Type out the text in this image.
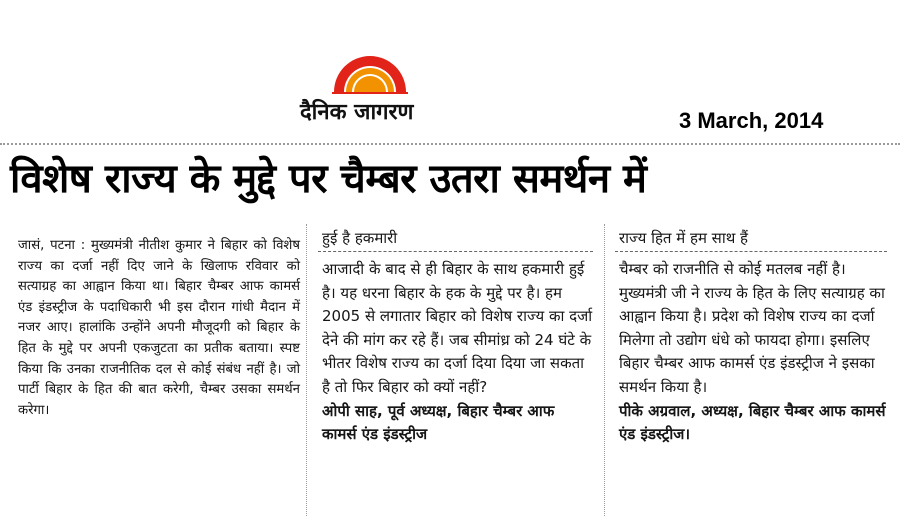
दैनिक जागरण	3 March, 2014
विशेष राज्य के मुद्दे पर चैम्बर उतरा समर्थन में
जासं, पटना : मुख्यमंत्री नीतीश कुमार ने बिहार को विशेष राज्य का दर्जा नहीं दिए जाने के खिलाफ रविवार को सत्याग्रह का आह्वान किया था। बिहार चैम्बर आफ कामर्स एंड इंडस्ट्रीज के पदाधिकारी भी इस दौरान गांधी मैदान में नजर आए। हालांकि उन्होंने अपनी मौजूदगी को बिहार के हित के मुद्दे पर अपनी एकजुटता का प्रतीक बताया। स्पष्ट किया कि उनका राजनीतिक दल से कोई संबंध नहीं है। जो पार्टी बिहार के हित की बात करेगी, चैम्बर उसका समर्थन करेगा।
हुई है हकमारी
आजादी के बाद से ही बिहार के साथ हकमारी हुई है। यह धरना बिहार के हक के मुद्दे पर है। हम 2005 से लगातार बिहार को विशेष राज्य का दर्जा देने की मांग कर रहे हैं। जब सीमांध्र को 24 घंटे के भीतर विशेष राज्य का दर्जा दिया दिया जा सकता है तो फिर बिहार को क्यों नहीं?
ओपी साह, पूर्व अध्यक्ष, बिहार चैम्बर आफ कामर्स एंड इंडस्ट्रीज
राज्य हित में हम साथ हैं
चैम्बर को राजनीति से कोई मतलब नहीं है। मुख्यमंत्री जी ने राज्य के हित के लिए सत्याग्रह का आह्वान किया है। प्रदेश को विशेष राज्य का दर्जा मिलेगा तो उद्योग धंधे को फायदा होगा। इसलिए बिहार चैम्बर आफ कामर्स एंड इंडस्ट्रीज ने इसका समर्थन किया है।
पीके अग्रवाल, अध्यक्ष, बिहार चैम्बर आफ कामर्स एंड इंडस्ट्रीज।
